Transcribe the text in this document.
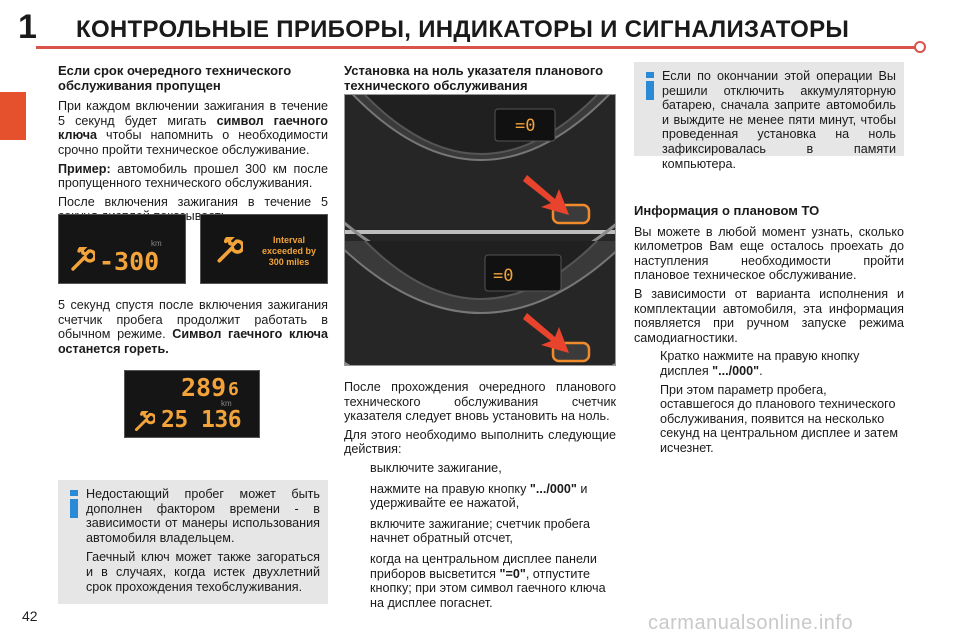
1 КОНТРОЛЬНЫЕ ПРИБОРЫ, ИНДИКАТОРЫ И СИГНАЛИЗАТОРЫ
Если срок очередного технического обслуживания пропущен

При каждом включении зажигания в течение 5 секунд будет мигать символ гаечного ключа чтобы напомнить о необходимости срочно пройти техническое обслуживание.

Пример: автомобиль прошел 300 км после пропущенного технического обслуживания.

После включения зажигания в течение 5 показывает:

km
-300
Interval
exceeded by
300 miles

5 секунд спустя после включения зажигания счетчик пробега продолжит работать в обычном режиме. Символ гаечного ключа останется гореть.

289 6
km
25 136

Недостающий пробег может быть дополнен фактором времени - в зависимости от манеры использования автомобиля владельцем.

Гаечный ключ может также загораться и в случаях, когда истек двухлетний срок прохождения техобслуживания.

Установка на ноль указателя планового технического обслуживания
=0
=0

После прохождения очередного планового технического обслуживания счетчик указателя следует вновь установить на ноль.

Для этого необходимо выполнить следующие действия:

выключите зажигание,
нажмите на правую кнопку ".../000" и удерживайте ее нажатой,
включите зажигание; счетчик пробега начнет обратный отсчет,
когда на центральном дисплее панели приборов высветится "=0", отпустите кнопку; при этом символ гаечного ключа на дисплее погаснет.

Если по окончании этой операции Вы решили отключить аккумуляторную батарею, сначала заприте автомобиль и выждите не менее пяти минут, чтобы проведенная установка на ноль зафиксировалась в памяти компьютера.

Информация о плановом ТО

Вы можете в любой момент узнать, сколько километров Вам еще осталось проехать до наступления необходимости пройти плановое техническое обслуживание.

В зависимости от варианта исполнения и комплектации автомобиля, эта информация появляется при ручном запуске режима самодиагностики.

Кратко нажмите на правую кнопку дисплея ".../000".
При этом параметр пробега, оставшегося до планового технического обслуживания, появится на несколько секунд на центральном дисплее и затем исчезнет.
42	carmanualsonline.info
